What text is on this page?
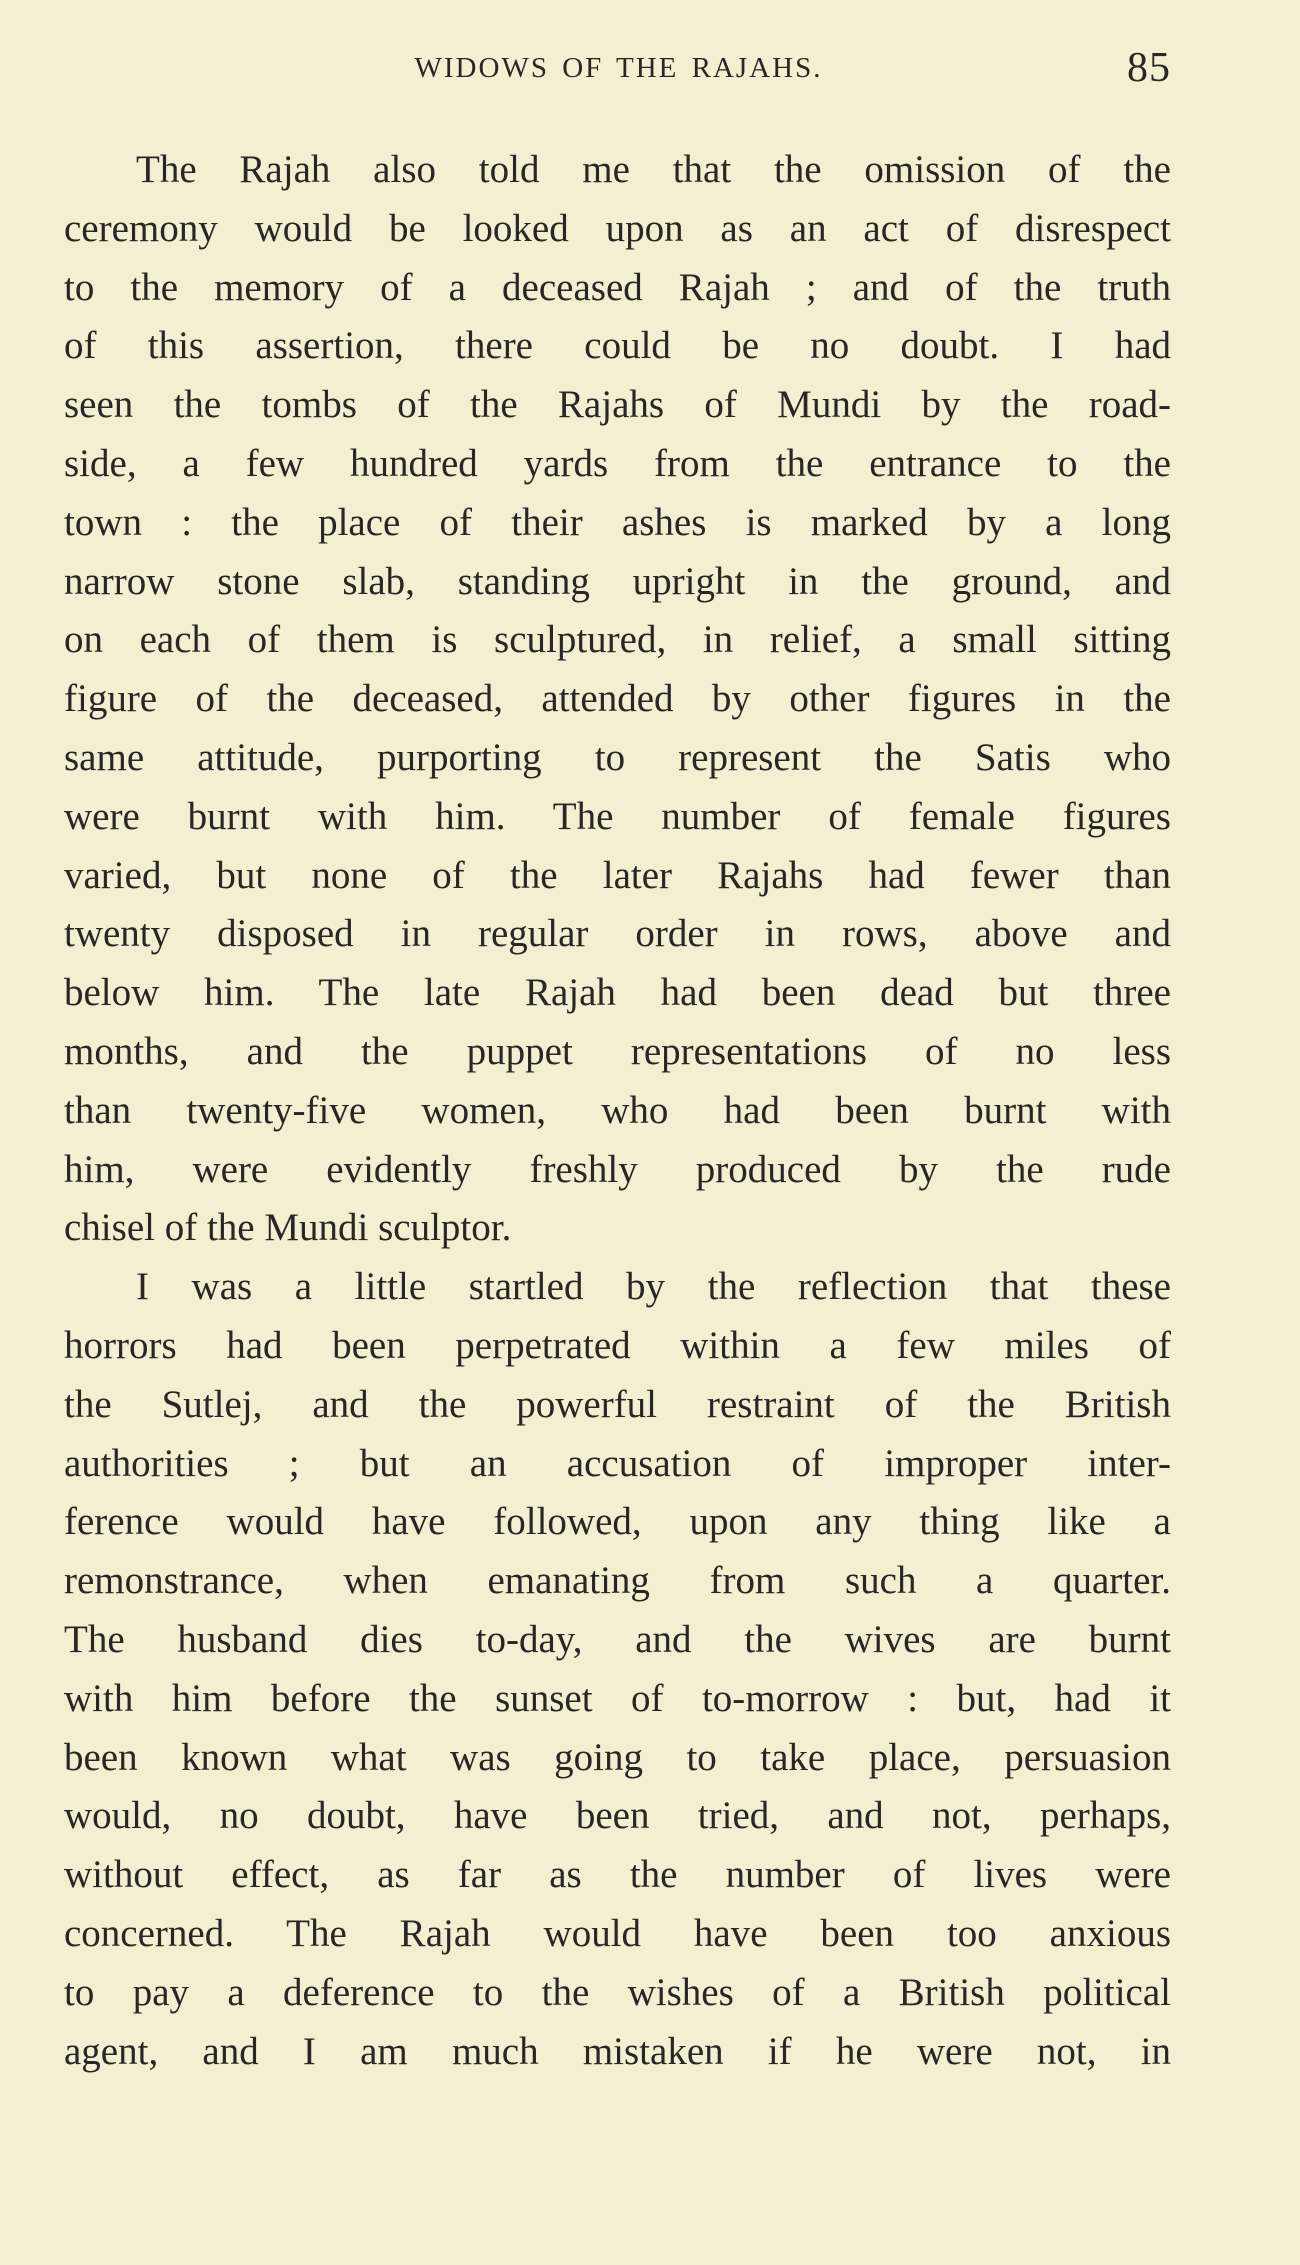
WIDOWS OF THE RAJAHS.	85

The Rajah also told me that the omission of the
ceremony would be looked upon as an act of disrespect
to the memory of a deceased Rajah ; and of the truth
of this assertion, there could be no doubt. I had
seen the tombs of the Rajahs of Mundi by the road-
side, a few hundred yards from the entrance to the
town : the place of their ashes is marked by a long
narrow stone slab, standing upright in the ground, and
on each of them is sculptured, in relief, a small sitting
figure of the deceased, attended by other figures in the
same attitude, purporting to represent the Satis who
were burnt with him. The number of female figures
varied, but none of the later Rajahs had fewer than
twenty disposed in regular order in rows, above and
below him. The late Rajah had been dead but three
months, and the puppet representations of no less
than twenty-five women, who had been burnt with
him, were evidently freshly produced by the rude
chisel of the Mundi sculptor.

I was a little startled by the reflection that these
horrors had been perpetrated within a few miles of
the Sutlej, and the powerful restraint of the British
authorities ; but an accusation of improper inter-
ference would have followed, upon any thing like a
remonstrance, when emanating from such a quarter.
The husband dies to-day, and the wives are burnt
with him before the sunset of to-morrow : but, had it
been known what was going to take place, persuasion
would, no doubt, have been tried, and not, perhaps,
without effect, as far as the number of lives were
concerned. The Rajah would have been too anxious
to pay a deference to the wishes of a British political
agent, and I am much mistaken if he were not, in
